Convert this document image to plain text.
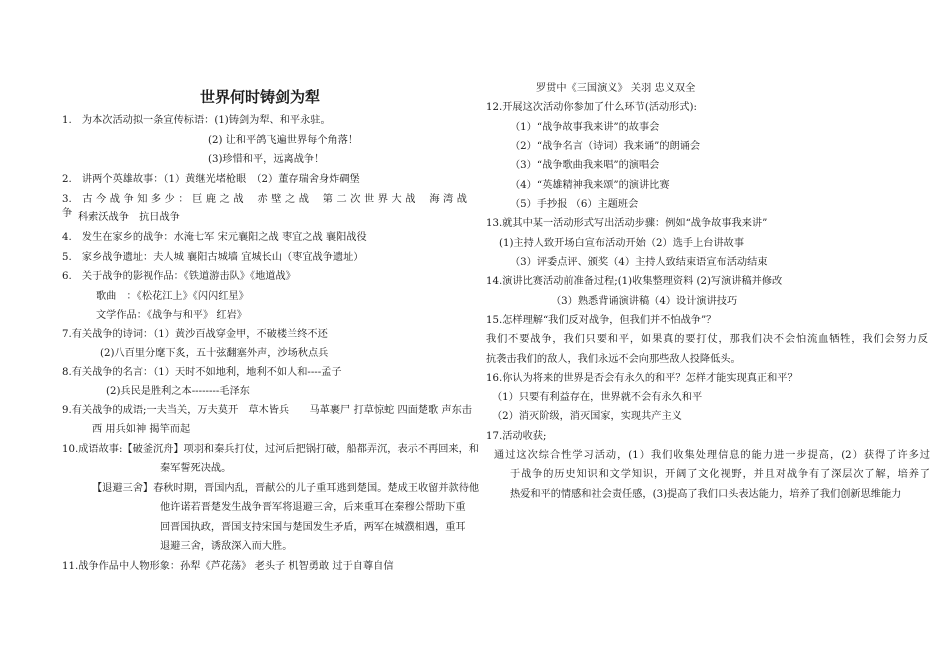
世界何时铸剑为犁
1.　为本次活动拟一条宣传标语：(1)铸剑为犁、和平永驻。
(2) 让和平鸽飞遍世界每个角落！
(3)珍惜和平，远离战争！
2.　讲两个英雄故事：（1）黄继光堵枪眼　（2）董存瑞舍身炸碉堡
3.　古 今 战 争 知 多 少 ： 巨 鹿 之 战　 赤 壁 之 战　 第 二 次 世 界 大 战　 海 湾 战 争 科索沃战争　抗日战争
4.　发生在家乡的战争：水淹七军 宋元襄阳之战 枣宜之战 襄阳战役
5.　家乡战争遗址：夫人城 襄阳古城墙 宜城长山（枣宜战争遗址）
6.　关于战争的影视作品：《铁道游击队》《地道战》
歌曲　：《松花江上》《闪闪红星》
文学作品：《战争与和平》 红岩》
7.有关战争的诗词：（1）黄沙百战穿金甲，不破楼兰终不还
(2)八百里分麾下炙，五十弦翻塞外声，沙场秋点兵
8.有关战争的名言：（1）天时不如地利，地利不如人和----孟子
(2)兵民是胜利之本--------毛泽东
9.有关战争的成语;一夫当关，万夫莫开　草木皆兵　　马革裹尸 打草惊蛇 四面楚歌 声东击
西 用兵如神 揭竿而起
10.成语故事:【破釜沉舟】项羽和秦兵打仗，过河后把锅打破，船都弄沉，表示不再回来，和
秦军誓死决战。
【退避三舍】春秋时期，晋国内乱，晋献公的儿子重耳逃到楚国。楚成王收留并款待他
他许诺若晋楚发生战争晋军将退避三舍，后来重耳在秦穆公帮助下重
回晋国执政，晋国支持宋国与楚国发生矛盾，两军在城濮相遇，重耳
退避三舍，诱敌深入而大胜。
11.战争作品中人物形象：孙犁《芦花荡》 老头子 机智勇敢 过于自尊自信
罗贯中《三国演义》 关羽 忠义双全
12.开展这次活动你参加了什么环节(活动形式):
（1）“战争故事我来讲”的故事会
（2）“战争名言（诗词）我来诵”的朗诵会
（3）“战争歌曲我来唱”的演唱会
（4）“英雄精神我来颂”的演讲比赛
（5）手抄报 （6）主题班会
13.就其中某一活动形式写出活动步骤：例如“战争故事我来讲”
(1)主持人致开场白宣布活动开始（2）选手上台讲故事
（3）评委点评、颁奖（4）主持人致结束语宣布活动结束
14.演讲比赛活动前准备过程;(1)收集整理资料 (2)写演讲稿并修改
（3）熟悉背诵演讲稿（4）设计演讲技巧
15.怎样理解“我们反对战争，但我们并不怕战争”？
我们不要战争，我们只要和平，如果真的要打仗，那我们决不会怕流血牺牲，我们会努力反
抗袭击我们的敌人，我们永远不会向那些敌人投降低头。
16.你认为将来的世界是否会有永久的和平？怎样才能实现真正和平？
（1）只要有利益存在，世界就不会有永久和平
（2）消灭阶级，消灭国家，实现共产主义
17.活动收获;
通过这次综合性学习活动，(1）我们收集处理信息的能力进一步提高，(2）获得了许多过
于战争的历史知识和文学知识，开阔了文化视野，并且对战争有了深层次了解，培养了
热爱和平的情感和社会责任感，(3)提高了我们口头表达能力，培养了我们创新思维能力
